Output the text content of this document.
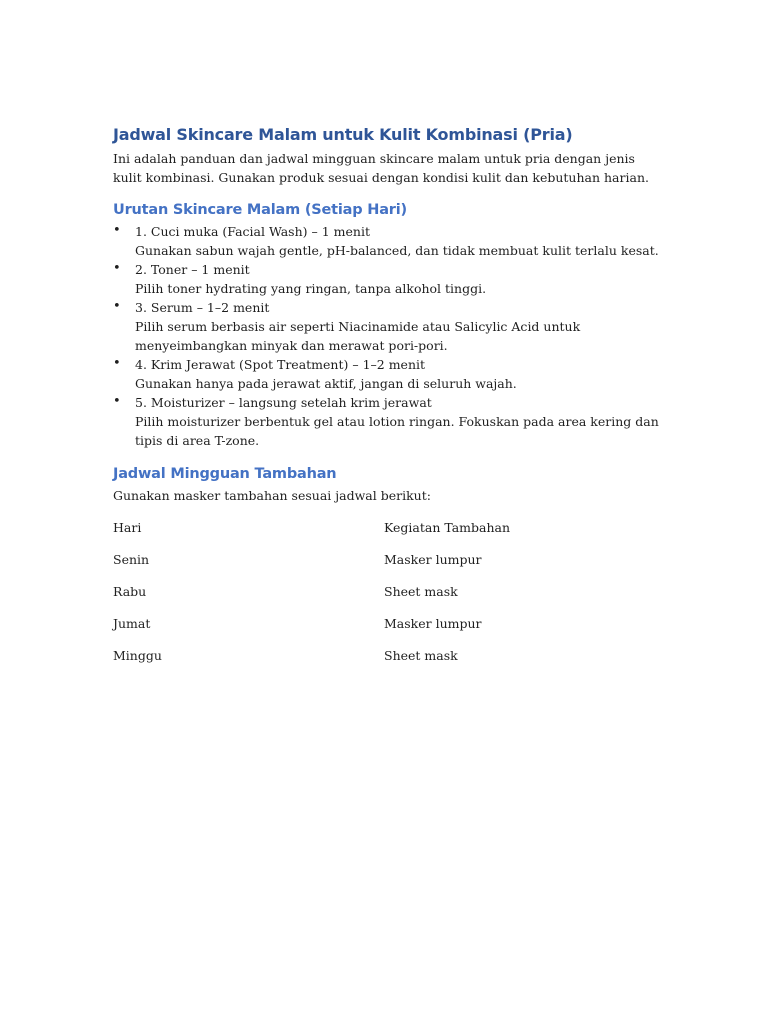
Jadwal Skincare Malam untuk Kulit Kombinasi (Pria)

Ini adalah panduan dan jadwal mingguan skincare malam untuk pria dengan jenis kulit kombinasi. Gunakan produk sesuai dengan kondisi kulit dan kebutuhan harian.

Urutan Skincare Malam (Setiap Hari)
• 1. Cuci muka (Facial Wash) – 1 menit
Gunakan sabun wajah gentle, pH-balanced, dan tidak membuat kulit terlalu kesat.
• 2. Toner – 1 menit
Pilih toner hydrating yang ringan, tanpa alkohol tinggi.
• 3. Serum – 1–2 menit
Pilih serum berbasis air seperti Niacinamide atau Salicylic Acid untuk menyeimbangkan minyak dan merawat pori-pori.
• 4. Krim Jerawat (Spot Treatment) – 1–2 menit
Gunakan hanya pada jerawat aktif, jangan di seluruh wajah.
• 5. Moisturizer – langsung setelah krim jerawat
Pilih moisturizer berbentuk gel atau lotion ringan. Fokuskan pada area kering dan tipis di area T-zone.
Jadwal Mingguan Tambahan

Gunakan masker tambahan sesuai jadwal berikut:

Hari	Kegiatan Tambahan
Senin	Masker lumpur
Rabu	Sheet mask
Jumat	Masker lumpur
Minggu	Sheet mask
